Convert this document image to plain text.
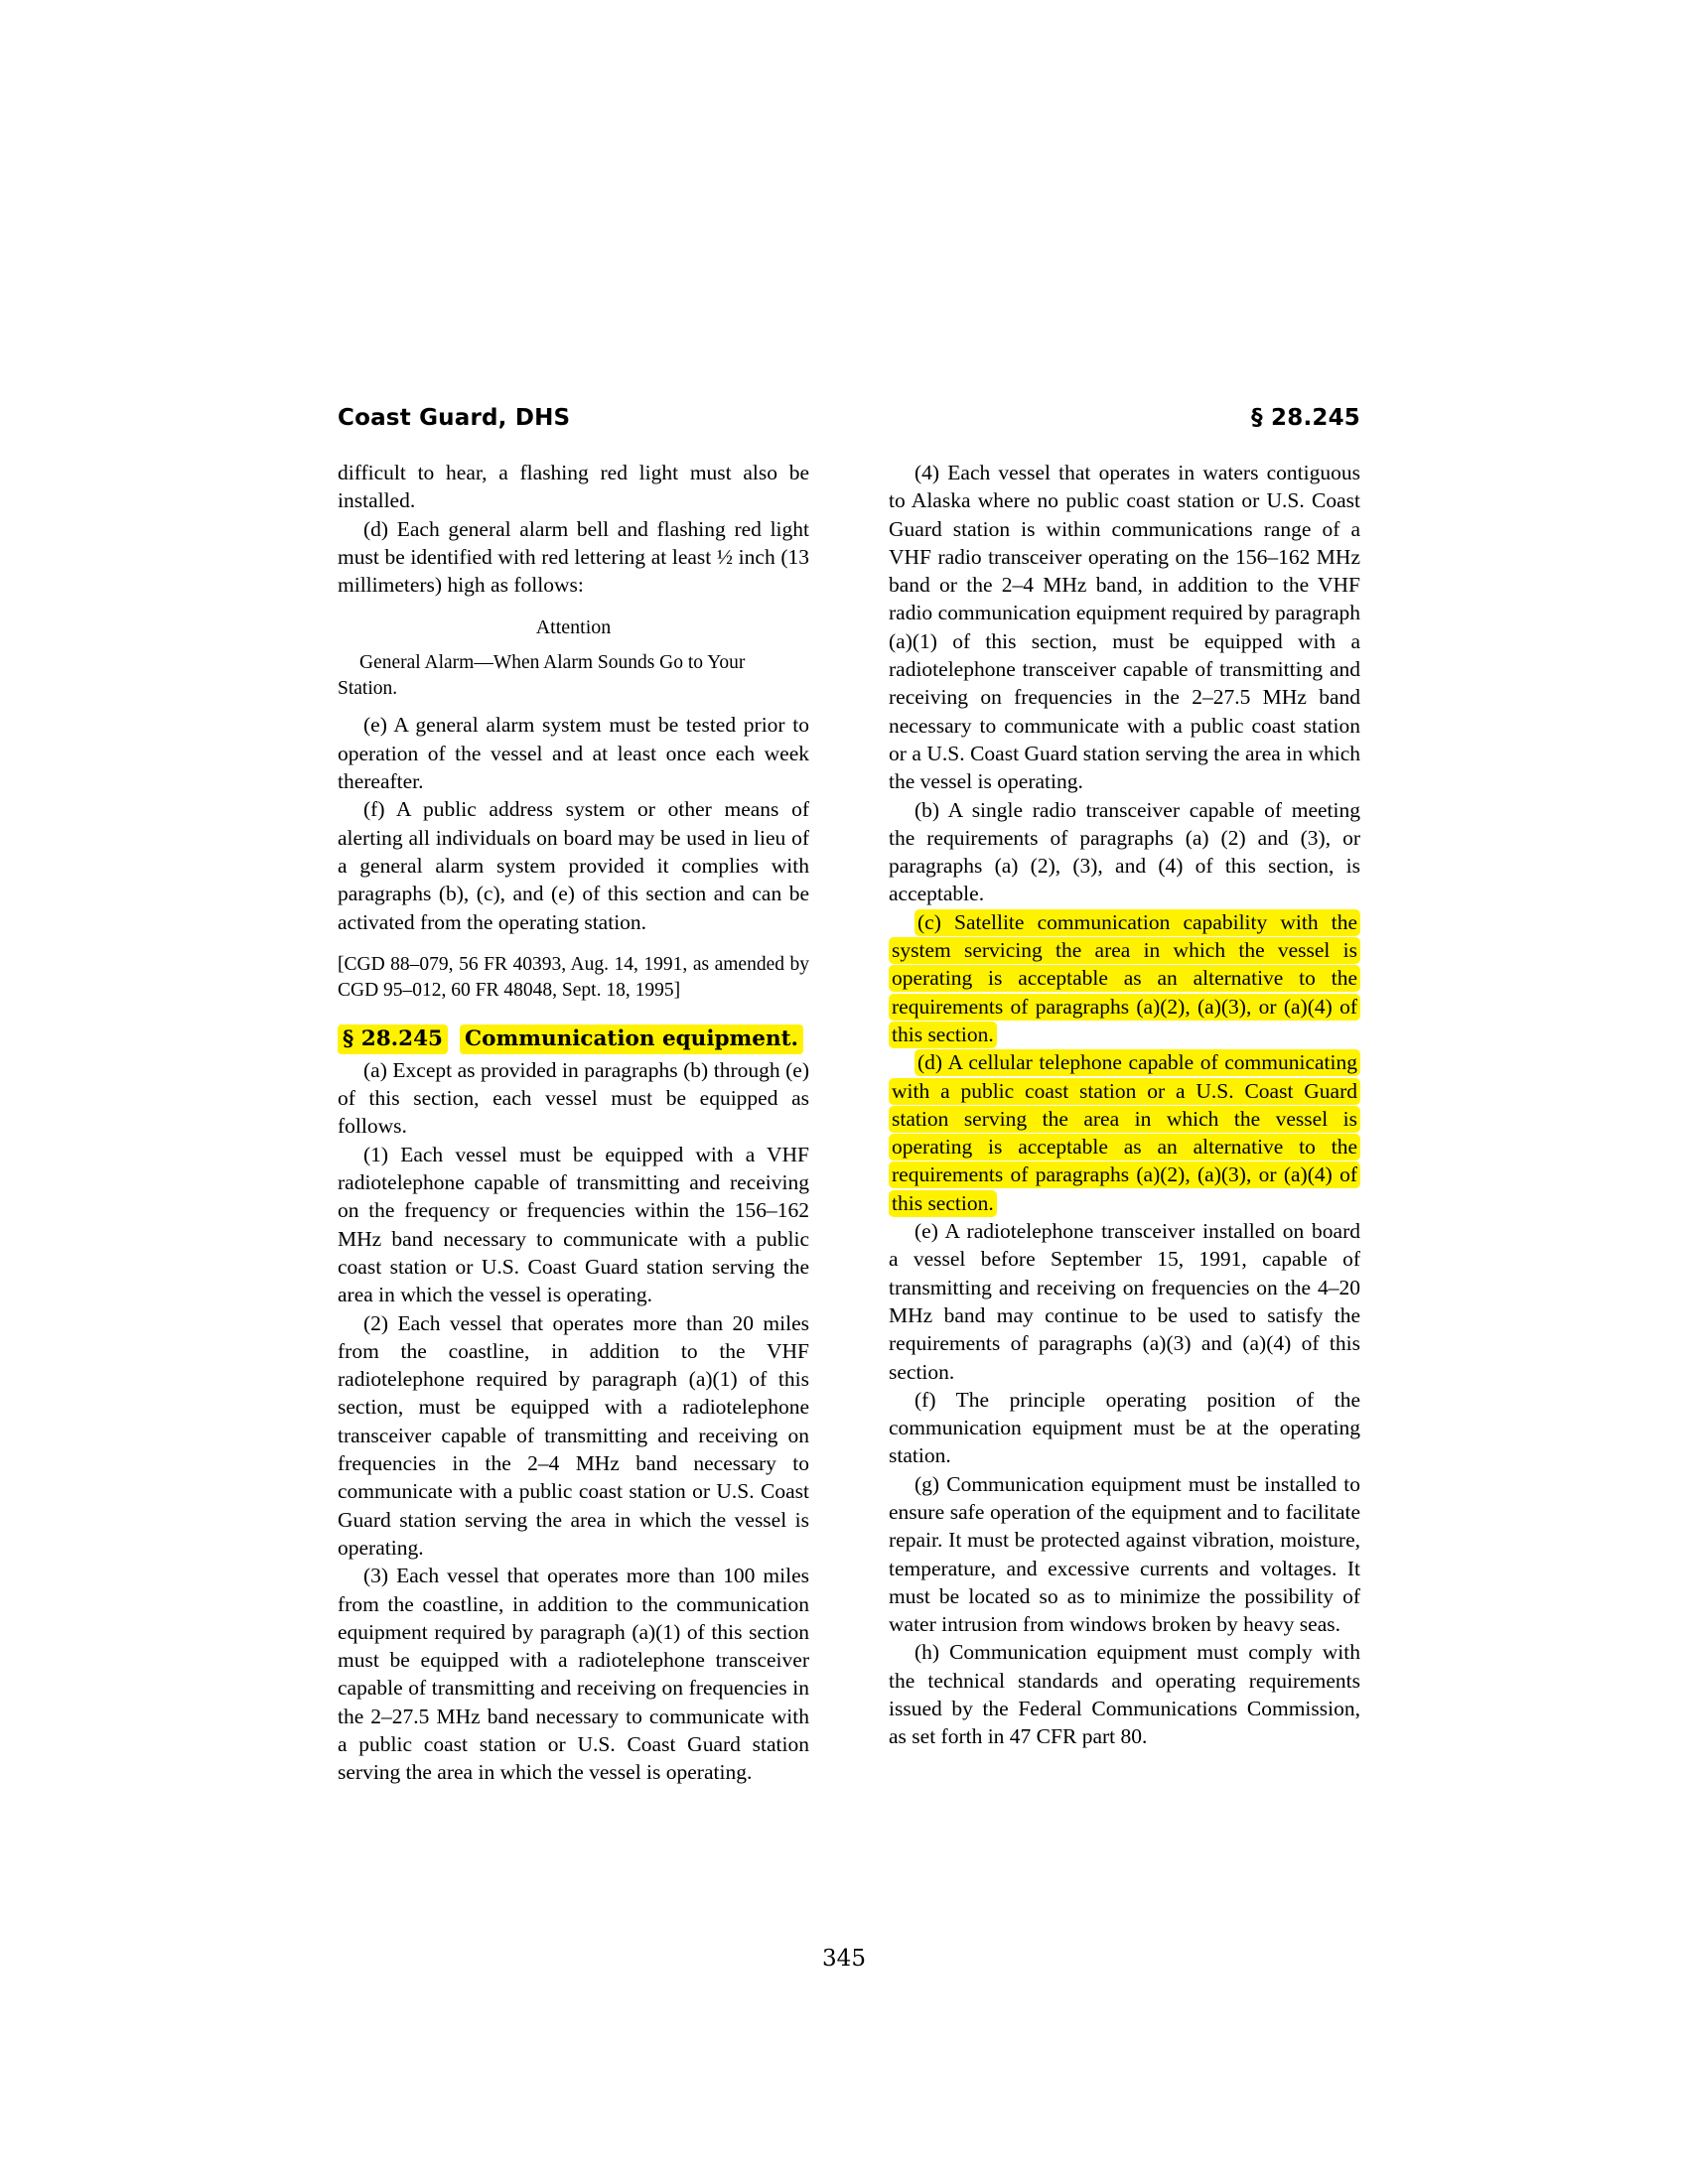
Coast Guard, DHS	§ 28.245

difficult to hear, a flashing red light must also be installed.

(d) Each general alarm bell and flashing red light must be identified with red lettering at least ½ inch (13 millimeters) high as follows:

Attention

General Alarm—When Alarm Sounds Go to Your Station.

(e) A general alarm system must be tested prior to operation of the vessel and at least once each week thereafter.

(f) A public address system or other means of alerting all individuals on board may be used in lieu of a general alarm system provided it complies with paragraphs (b), (c), and (e) of this section and can be activated from the operating station.

[CGD 88–079, 56 FR 40393, Aug. 14, 1991, as amended by CGD 95–012, 60 FR 48048, Sept. 18, 1995]

§ 28.245 Communication equipment.

(a) Except as provided in paragraphs (b) through (e) of this section, each vessel must be equipped as follows.

(1) Each vessel must be equipped with a VHF radiotelephone capable of transmitting and receiving on the frequency or frequencies within the 156–162 MHz band necessary to communicate with a public coast station or U.S. Coast Guard station serving the area in which the vessel is operating.

(2) Each vessel that operates more than 20 miles from the coastline, in addition to the VHF radiotelephone required by paragraph (a)(1) of this section, must be equipped with a radiotelephone transceiver capable of transmitting and receiving on frequencies in the 2–4 MHz band necessary to communicate with a public coast station or U.S. Coast Guard station serving the area in which the vessel is operating.

(3) Each vessel that operates more than 100 miles from the coastline, in addition to the communication equipment required by paragraph (a)(1) of this section must be equipped with a radiotelephone transceiver capable of transmitting and receiving on frequencies in the 2–27.5 MHz band necessary to communicate with a public coast station or U.S. Coast Guard station serving the area in which the vessel is operating.

(4) Each vessel that operates in waters contiguous to Alaska where no public coast station or U.S. Coast Guard station is within communications range of a VHF radio transceiver operating on the 156–162 MHz band or the 2–4 MHz band, in addition to the VHF radio communication equipment required by paragraph (a)(1) of this section, must be equipped with a radiotelephone transceiver capable of transmitting and receiving on frequencies in the 2–27.5 MHz band necessary to communicate with a public coast station or a U.S. Coast Guard station serving the area in which the vessel is operating.

(b) A single radio transceiver capable of meeting the requirements of paragraphs (a) (2) and (3), or paragraphs (a) (2), (3), and (4) of this section, is acceptable.

(c) Satellite communication capability with the system servicing the area in which the vessel is operating is acceptable as an alternative to the requirements of paragraphs (a)(2), (a)(3), or (a)(4) of this section.

(d) A cellular telephone capable of communicating with a public coast station or a U.S. Coast Guard station serving the area in which the vessel is operating is acceptable as an alternative to the requirements of paragraphs (a)(2), (a)(3), or (a)(4) of this section.

(e) A radiotelephone transceiver installed on board a vessel before September 15, 1991, capable of transmitting and receiving on frequencies on the 4–20 MHz band may continue to be used to satisfy the requirements of paragraphs (a)(3) and (a)(4) of this section.

(f) The principle operating position of the communication equipment must be at the operating station.

(g) Communication equipment must be installed to ensure safe operation of the equipment and to facilitate repair. It must be protected against vibration, moisture, temperature, and excessive currents and voltages. It must be located so as to minimize the possibility of water intrusion from windows broken by heavy seas.

(h) Communication equipment must comply with the technical standards and operating requirements issued by the Federal Communications Commission, as set forth in 47 CFR part 80.

345
